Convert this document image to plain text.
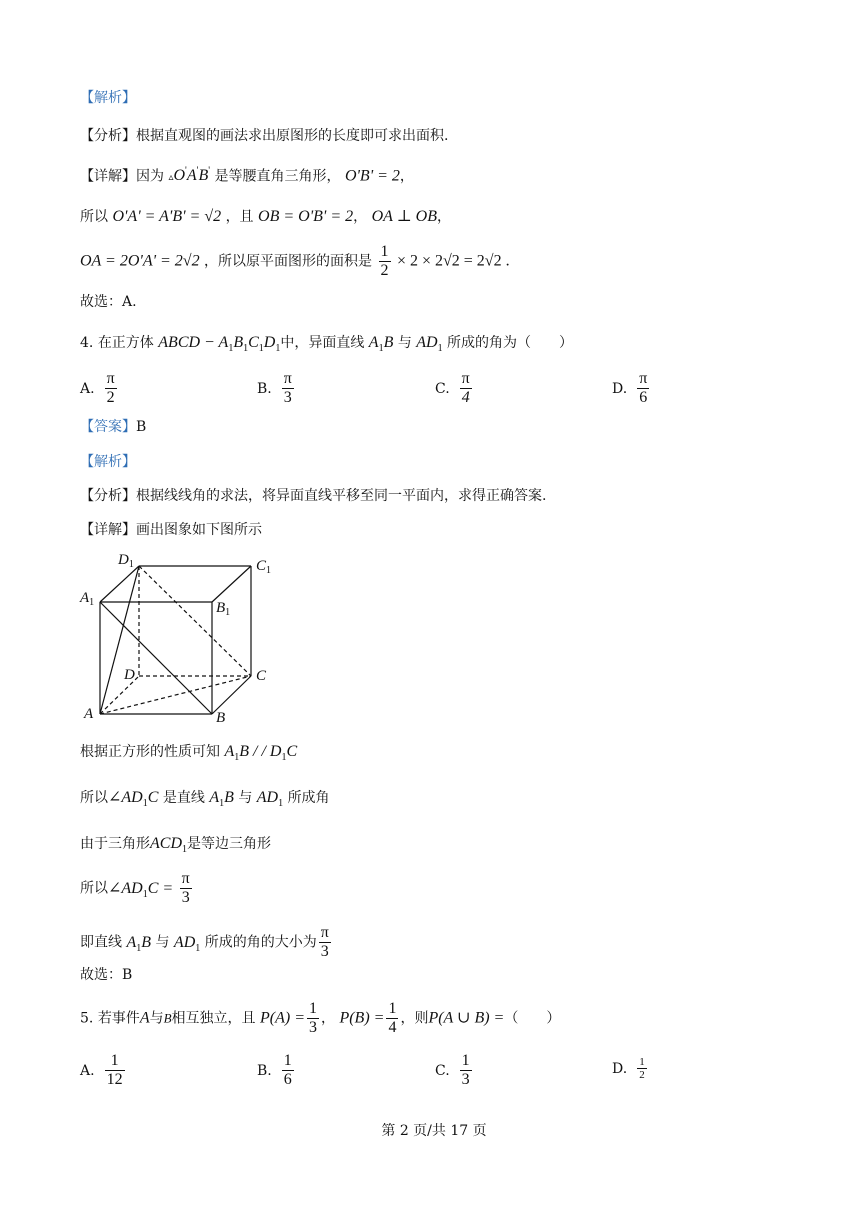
【解析】
【分析】根据直观图的画法求出原图形的长度即可求出面积.
【详解】因为 ▵O'A'B' 是等腰直角三角形， O'B' = 2，
所以 O'A' = A'B' = √2 ，且 OB = O'B' = 2， OA ⊥ OB，
OA = 2O'A' = 2√2 ，所以原平面图形的面积是 $\frac{1}{2} \times 2 \times 2√2 = 2√2$ .
故选：A.
4. 在正方体 ABCD − $A_1B_1C_1D_1$中，异面直线 $A_1B$ 与 $AD_1$ 所成的角为（　　）
A. $\frac{\pi}{2}$	B. $\frac{\pi}{3}$	C. $\frac{\pi}{4}$	D. $\frac{\pi}{6}$
【答案】B
【解析】
【分析】根据线线角的求法，将异面直线平移至同一平面内，求得正确答案.
【详解】画出图象如下图所示
$D_1$	$C_1$
$A_1$	$B_1$
D	C
A	B
根据正方形的性质可知 $A_1B$ / / $D_1C$
所以$\angle AD_1C$ 是直线 $A_1B$ 与 $AD_1$ 所成角
由于三角形$ACD_1$是等边三角形
所以$\angle AD_1C = \frac{\pi}{3}$
即直线 $A_1B$ 与 $AD_1$ 所成的角的大小为 $\frac{\pi}{3}$
故选：B
5. 若事件A与B相互独立，且 $P(A) = \frac{1}{3}$ ， $P(B) = \frac{1}{4}$ ，则P(A ∪ B) =（　　）
A. $\frac{1}{12}$	B. $\frac{1}{6}$	C. $\frac{1}{3}$	D. $\frac{1}{2}$
第 2 页/共 17 页
